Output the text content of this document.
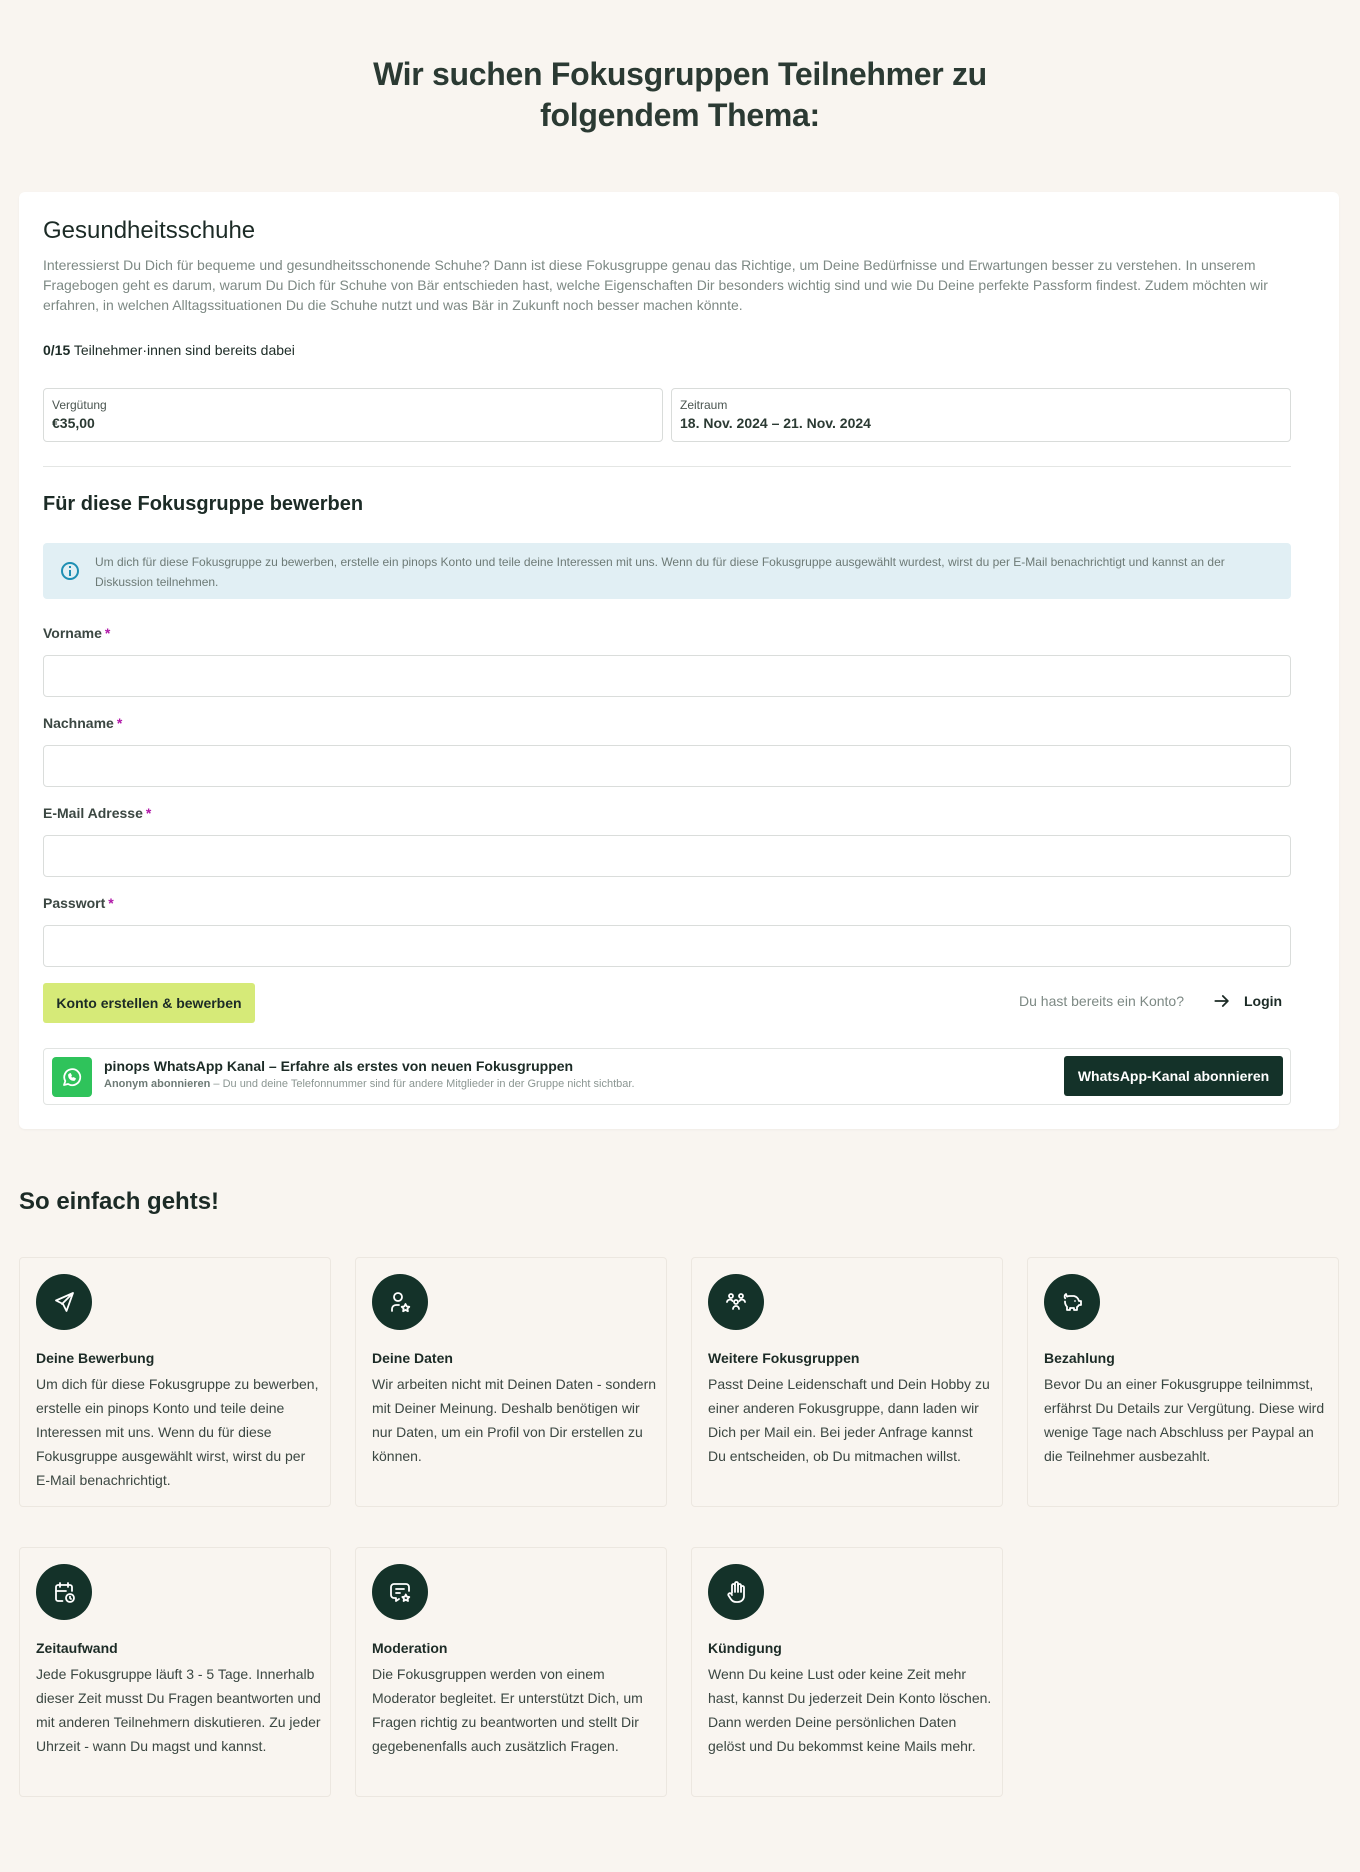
Wir suchen Fokusgruppen Teilnehmer zu
folgendem Thema:
Gesundheitsschuhe

Interessierst Du Dich für bequeme und gesundheitsschonende Schuhe? Dann ist diese Fokusgruppe genau das Richtige, um Deine Bedürfnisse und Erwartungen besser zu verstehen. In unserem Fragebogen geht es darum, warum Du Dich für Schuhe von Bär entschieden hast, welche Eigenschaften Dir besonders wichtig sind und wie Du Deine perfekte Passform findest. Zudem möchten wir erfahren, in welchen Alltagssituationen Du die Schuhe nutzt und was Bär in Zukunft noch besser machen könnte.

0/15 Teilnehmer·innen sind bereits dabei
Vergütung
€35,00
Zeitraum
18. Nov. 2024 – 21. Nov. 2024
Für diese Fokusgruppe bewerben
Um dich für diese Fokusgruppe zu bewerben, erstelle ein pinops Konto und teile deine Interessen mit uns. Wenn du für diese Fokusgruppe ausgewählt wurdest, wirst du per E-Mail benachrichtigt und kannst an der Diskussion teilnehmen.
Vorname *
Nachname *
E-Mail Adresse *
Passwort *
Konto erstellen & bewerben	Du hast bereits ein Konto?	Login
pinops WhatsApp Kanal – Erfahre als erstes von neuen Fokusgruppen
Anonym abonnieren – Du und deine Telefonnummer sind für andere Mitglieder in der Gruppe nicht sichtbar.	WhatsApp-Kanal abonnieren
So einfach gehts!
Deine Bewerbung
Um dich für diese Fokusgruppe zu bewerben, erstelle ein pinops Konto und teile deine Interessen mit uns. Wenn du für diese Fokusgruppe ausgewählt wirst, wirst du per E-Mail benachrichtigt.
Deine Daten
Wir arbeiten nicht mit Deinen Daten - sondern mit Deiner Meinung. Deshalb benötigen wir nur Daten, um ein Profil von Dir erstellen zu können.
Weitere Fokusgruppen
Passt Deine Leidenschaft und Dein Hobby zu einer anderen Fokusgruppe, dann laden wir Dich per Mail ein. Bei jeder Anfrage kannst Du entscheiden, ob Du mitmachen willst.
Bezahlung
Bevor Du an einer Fokusgruppe teilnimmst, erfährst Du Details zur Vergütung. Diese wird wenige Tage nach Abschluss per Paypal an die Teilnehmer ausbezahlt.
Zeitaufwand
Jede Fokusgruppe läuft 3 - 5 Tage. Innerhalb dieser Zeit musst Du Fragen beantworten und mit anderen Teilnehmern diskutieren. Zu jeder Uhrzeit - wann Du magst und kannst.
Moderation
Die Fokusgruppen werden von einem Moderator begleitet. Er unterstützt Dich, um Fragen richtig zu beantworten und stellt Dir gegebenenfalls auch zusätzlich Fragen.
Kündigung
Wenn Du keine Lust oder keine Zeit mehr hast, kannst Du jederzeit Dein Konto löschen. Dann werden Deine persönlichen Daten gelöst und Du bekommst keine Mails mehr.
